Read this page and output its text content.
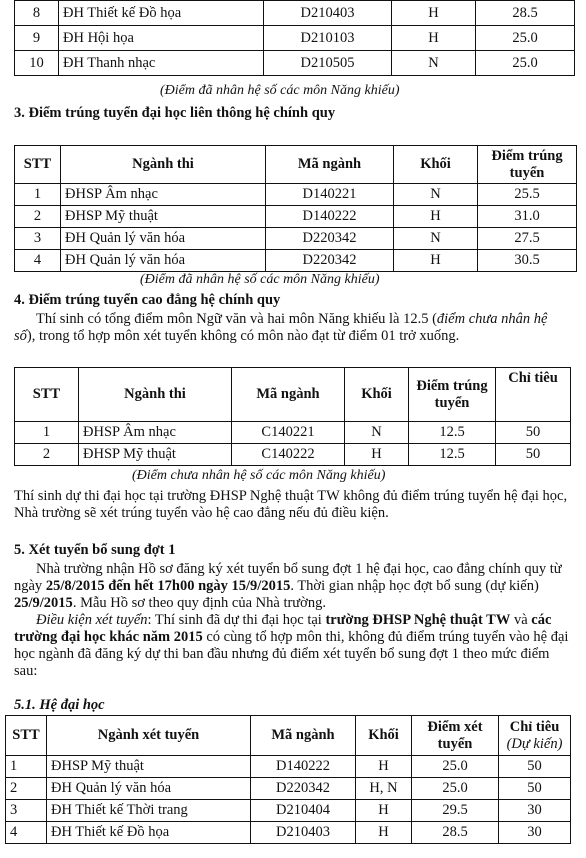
8	ĐH Thiết kế Đồ họa	D210403	H	28.5
9	ĐH Hội họa	D210103	H	25.0
10	ĐH Thanh nhạc	D210505	N	25.0
(Điểm đã nhân hệ số các môn Năng khiếu)
3. Điểm trúng tuyển đại học liên thông hệ chính quy
STT	Ngành thi	Mã ngành	Khối	Điểm trúng tuyển
1	ĐHSP Âm nhạc	D140221	N	25.5
2	ĐHSP Mỹ thuật	D140222	H	31.0
3	ĐH Quản lý văn hóa	D220342	N	27.5
4	ĐH Quản lý văn hóa	D220342	H	30.5
(Điểm đã nhân hệ số các môn Năng khiếu)
4. Điểm trúng tuyển cao đẳng hệ chính quy
Thí sinh có tổng điểm môn Ngữ văn và hai môn Năng khiếu là 12.5 (điểm chưa nhân hệ số), trong tổ hợp môn xét tuyển không có môn nào đạt từ điểm 01 trở xuống.
STT	Ngành thi	Mã ngành	Khối	Điểm trúng tuyển	Chỉ tiêu
1	ĐHSP Âm nhạc	C140221	N	12.5	50
2	ĐHSP Mỹ thuật	C140222	H	12.5	50
(Điểm chưa nhân hệ số các môn Năng khiếu)
Thí sinh dự thi đại học tại trường ĐHSP Nghệ thuật TW không đủ điểm trúng tuyển hệ đại học, Nhà trường sẽ xét trúng tuyển vào hệ cao đẳng nếu đủ điều kiện.
5. Xét tuyển bổ sung đợt 1
Nhà trường nhận Hồ sơ đăng ký xét tuyển bổ sung đợt 1 hệ đại học, cao đẳng chính quy từ ngày 25/8/2015 đến hết 17h00 ngày 15/9/2015. Thời gian nhập học đợt bổ sung (dự kiến) 25/9/2015. Mẫu Hồ sơ theo quy định của Nhà trường.
Điều kiện xét tuyển: Thí sinh đã dự thi đại học tại trường ĐHSP Nghệ thuật TW và các trường đại học khác năm 2015 có cùng tổ hợp môn thi, không đủ điểm trúng tuyển vào hệ đại học ngành đã đăng ký dự thi ban đầu nhưng đủ điểm xét tuyển bổ sung đợt 1 theo mức điểm sau:
5.1. Hệ đại học
STT	Ngành xét tuyển	Mã ngành	Khối	Điểm xét tuyển	Chỉ tiêu
(Dự kiến)
1	ĐHSP Mỹ thuật	D140222	H	25.0	50
2	ĐH Quản lý văn hóa	D220342	H, N	25.0	50
3	ĐH Thiết kế Thời trang	D210404	H	29.5	30
4	ĐH Thiết kế Đồ họa	D210403	H	28.5	30
